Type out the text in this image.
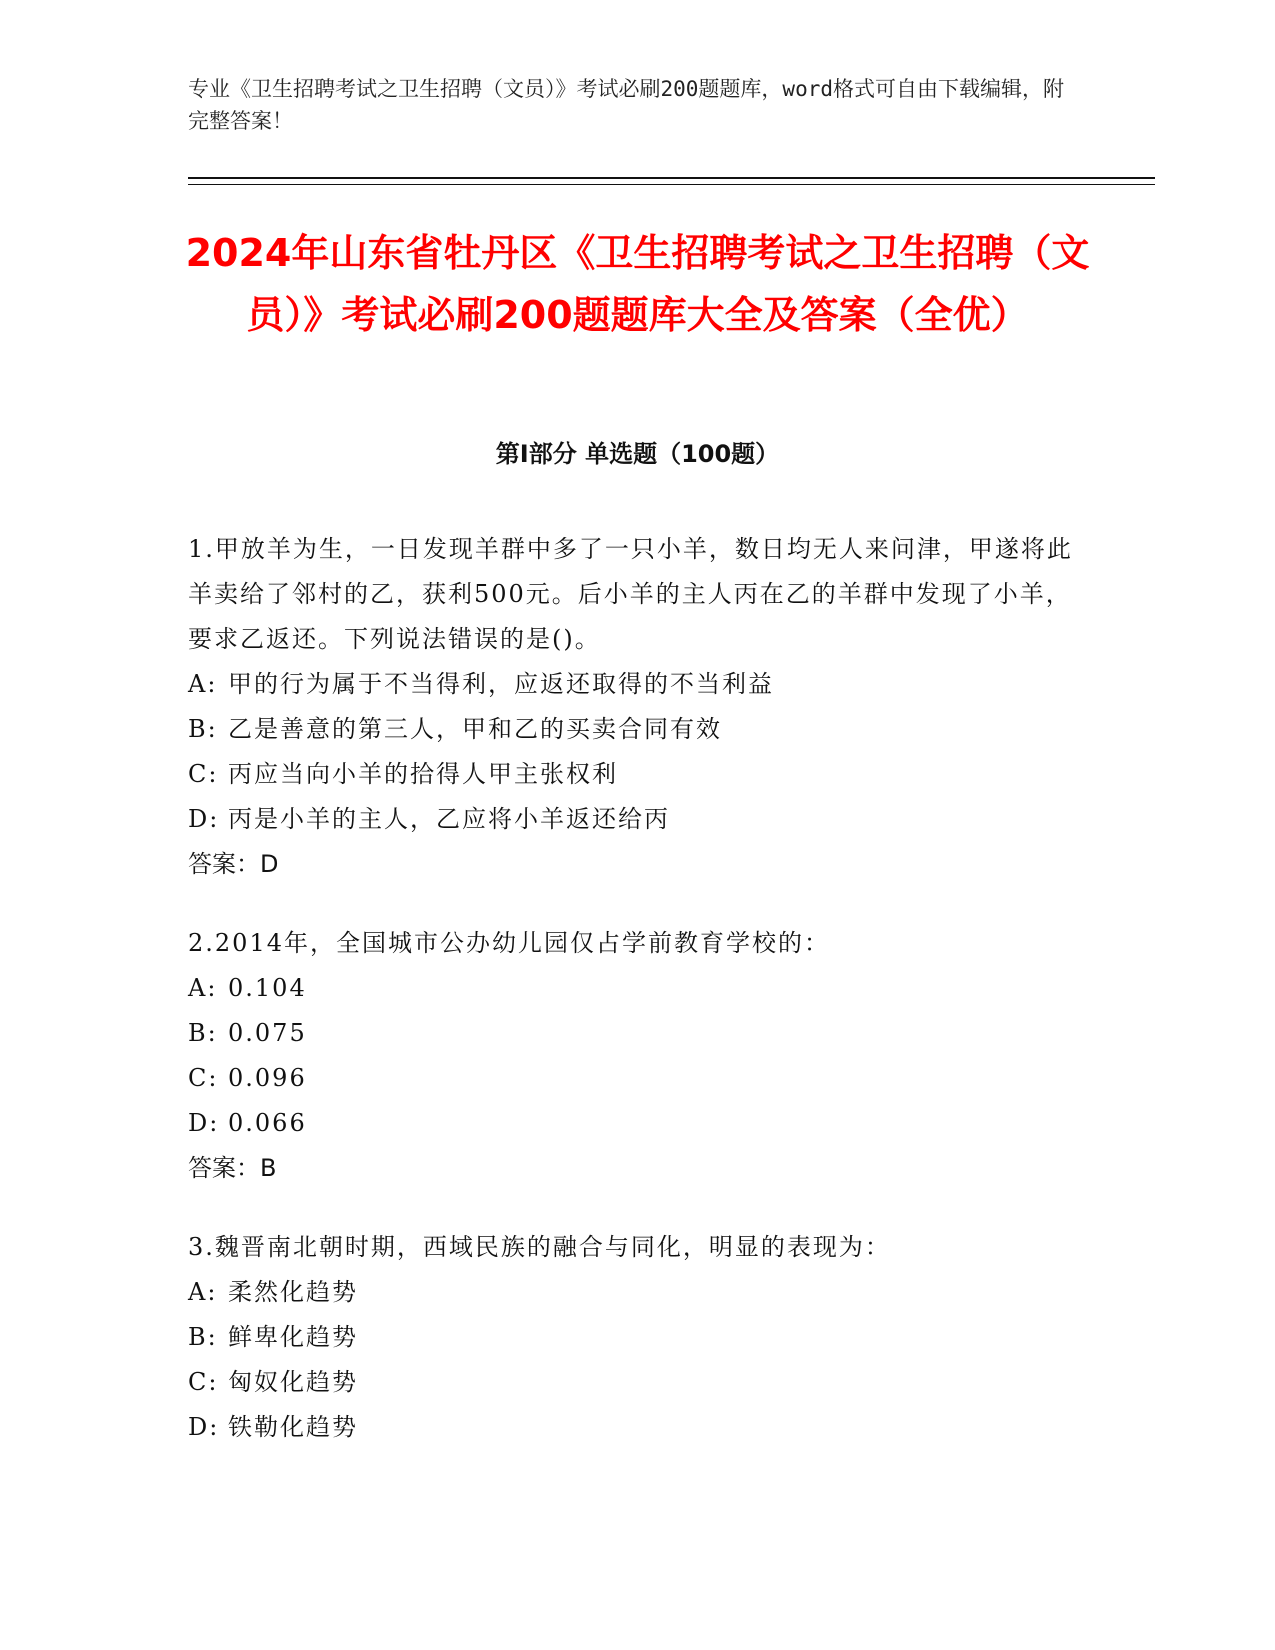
专业《卫生招聘考试之卫生招聘（文员）》考试必刷200题题库，word格式可自由下载编辑，附完整答案！
2024年山东省牡丹区《卫生招聘考试之卫生招聘（文员）》考试必刷200题题库大全及答案（全优）
第Ⅰ部分 单选题（100题）

1.甲放羊为生，一日发现羊群中多了一只小羊，数日均无人来问津，甲遂将此羊卖给了邻村的乙，获利500元。后小羊的主人丙在乙的羊群中发现了小羊，要求乙返还。下列说法错误的是()。

A: 甲的行为属于不当得利，应返还取得的不当利益
B: 乙是善意的第三人，甲和乙的买卖合同有效
C: 丙应当向小羊的拾得人甲主张权利
D: 丙是小羊的主人，乙应将小羊返还给丙
答案：D

2.2014年，全国城市公办幼儿园仅占学前教育学校的：

A: 0.104
B: 0.075
C: 0.096
D: 0.066
答案：B

3.魏晋南北朝时期，西域民族的融合与同化，明显的表现为：

A: 柔然化趋势
B: 鲜卑化趋势
C: 匈奴化趋势
D: 铁勒化趋势
